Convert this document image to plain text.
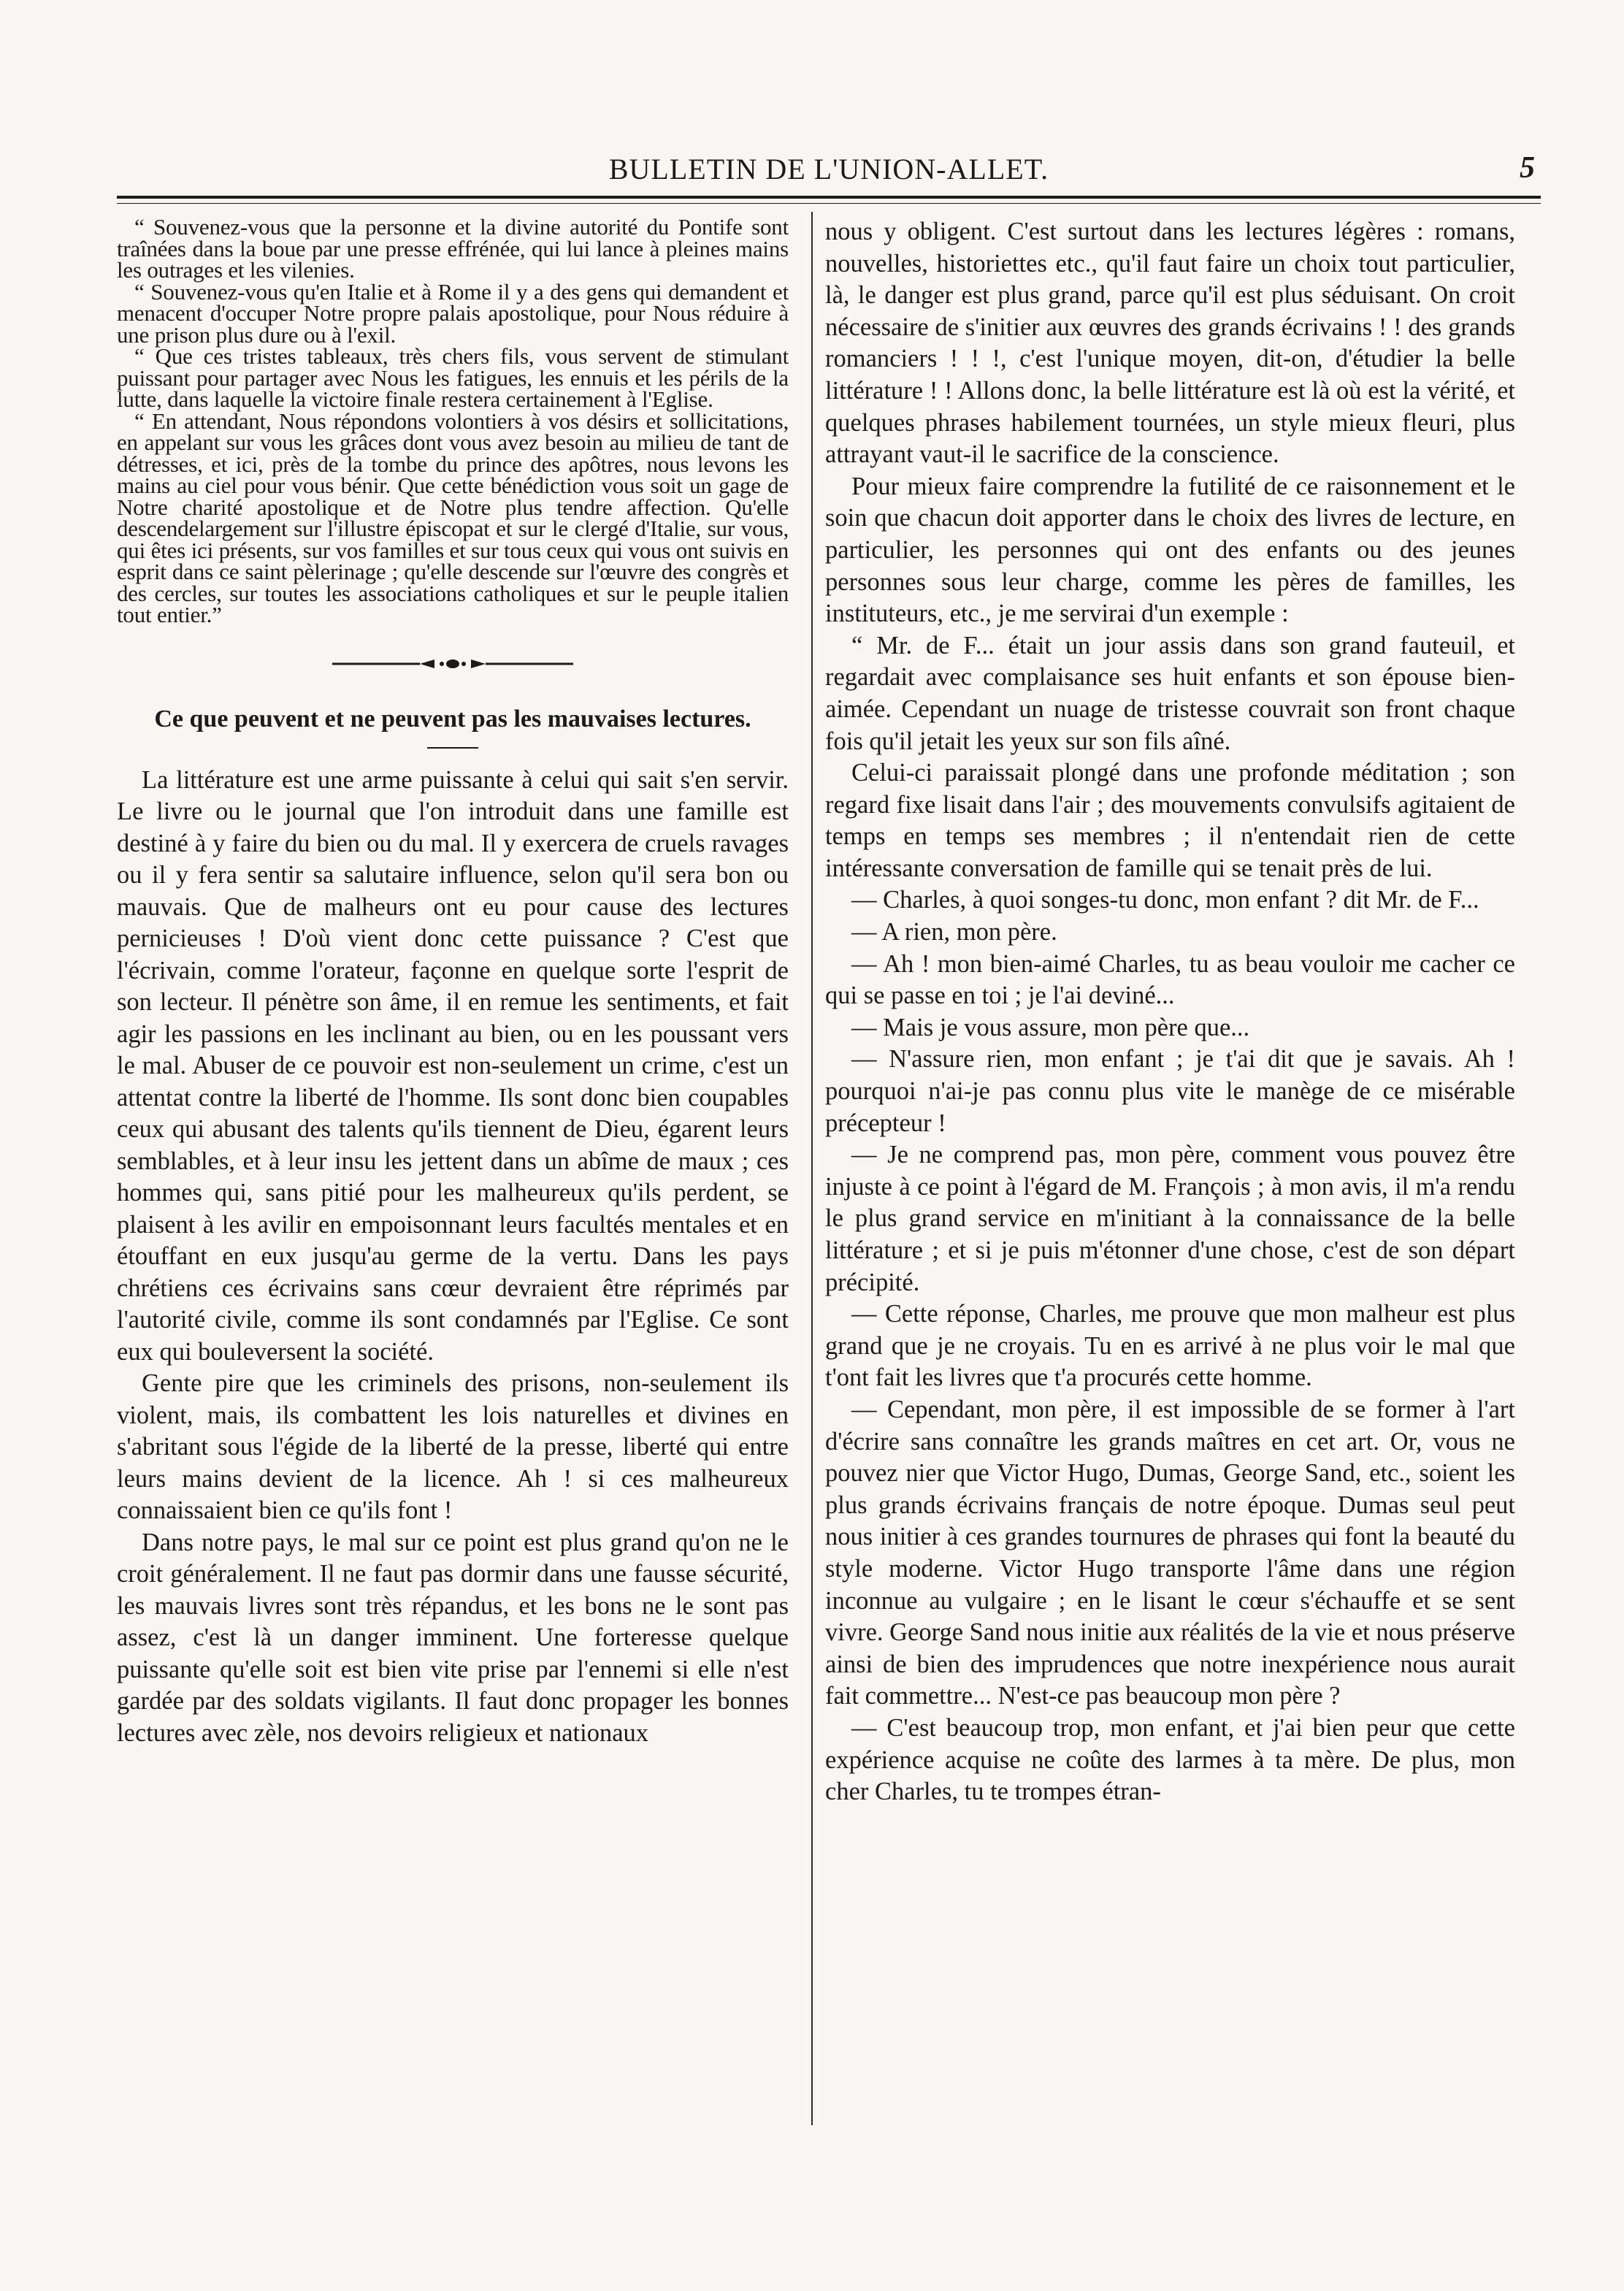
BULLETIN DE L'UNION-ALLET.	5

“ Souvenez-vous que la personne et la divine autorité du Pontife sont traînées dans la boue par une presse effrénée, qui lui lance à pleines mains les outrages et les vilenies.

“ Souvenez-vous qu'en Italie et à Rome il y a des gens qui demandent et menacent d'occuper Notre propre palais apostolique, pour Nous réduire à une prison plus dure ou à l'exil.

“ Que ces tristes tableaux, très chers fils, vous servent de stimulant puissant pour partager avec Nous les fatigues, les ennuis et les périls de la lutte, dans laquelle la victoire finale restera certainement à l'Eglise.

“ En attendant, Nous répondons volontiers à vos désirs et sollicitations, en appelant sur vous les grâces dont vous avez besoin au milieu de tant de détresses, et ici, près de la tombe du prince des apôtres, nous levons les mains au ciel pour vous bénir. Que cette bénédiction vous soit un gage de Notre charité apostolique et de Notre plus tendre affection. Qu'elle descendelargement sur l'illustre épiscopat et sur le clergé d'Italie, sur vous, qui êtes ici présents, sur vos familles et sur tous ceux qui vous ont suivis en esprit dans ce saint pèlerinage ; qu'elle descende sur l'œuvre des congrès et des cercles, sur toutes les associations catholiques et sur le peuple italien tout entier.”

Ce que peuvent et ne peuvent pas les mauvaises lectures.

La littérature est une arme puissante à celui qui sait s'en servir. Le livre ou le journal que l'on introduit dans une famille est destiné à y faire du bien ou du mal. Il y exercera de cruels ravages ou il y fera sentir sa salutaire influence, selon qu'il sera bon ou mauvais. Que de malheurs ont eu pour cause des lectures pernicieuses ! D'où vient donc cette puissance ? C'est que l'écrivain, comme l'orateur, façonne en quelque sorte l'esprit de son lecteur. Il pénètre son âme, il en remue les sentiments, et fait agir les passions en les inclinant au bien, ou en les poussant vers le mal. Abuser de ce pouvoir est non-seulement un crime, c'est un attentat contre la liberté de l'homme. Ils sont donc bien coupables ceux qui abusant des talents qu'ils tiennent de Dieu, égarent leurs semblables, et à leur insu les jettent dans un abîme de maux ; ces hommes qui, sans pitié pour les malheureux qu'ils perdent, se plaisent à les avilir en empoisonnant leurs facultés mentales et en étouffant en eux jusqu'au germe de la vertu. Dans les pays chrétiens ces écrivains sans cœur devraient être réprimés par l'autorité civile, comme ils sont condamnés par l'Eglise. Ce sont eux qui bouleversent la société.

Gente pire que les criminels des prisons, non-seulement ils violent, mais, ils combattent les lois naturelles et divines en s'abritant sous l'égide de la liberté de la presse, liberté qui entre leurs mains devient de la licence. Ah ! si ces malheureux connaissaient bien ce qu'ils font !

Dans notre pays, le mal sur ce point est plus grand qu'on ne le croit généralement. Il ne faut pas dormir dans une fausse sécurité, les mauvais livres sont très répandus, et les bons ne le sont pas assez, c'est là un danger imminent. Une forteresse quelque puissante qu'elle soit est bien vite prise par l'ennemi si elle n'est gardée par des soldats vigilants. Il faut donc propager les bonnes lectures avec zèle, nos devoirs religieux et nationaux

nous y obligent. C'est surtout dans les lectures légères : romans, nouvelles, historiettes etc., qu'il faut faire un choix tout particulier, là, le danger est plus grand, parce qu'il est plus séduisant. On croit nécessaire de s'initier aux œuvres des grands écrivains ! ! des grands romanciers ! ! !, c'est l'unique moyen, dit-on, d'étudier la belle littérature ! ! Allons donc, la belle littérature est là où est la vérité, et quelques phrases habilement tournées, un style mieux fleuri, plus attrayant vaut-il le sacrifice de la conscience.

Pour mieux faire comprendre la futilité de ce raisonnement et le soin que chacun doit apporter dans le choix des livres de lecture, en particulier, les personnes qui ont des enfants ou des jeunes personnes sous leur charge, comme les pères de familles, les instituteurs, etc., je me servirai d'un exemple :

“ Mr. de F... était un jour assis dans son grand fauteuil, et regardait avec complaisance ses huit enfants et son épouse bien-aimée. Cependant un nuage de tristesse couvrait son front chaque fois qu'il jetait les yeux sur son fils aîné.

Celui-ci paraissait plongé dans une profonde méditation ; son regard fixe lisait dans l'air ; des mouvements convulsifs agitaient de temps en temps ses membres ; il n'entendait rien de cette intéressante conversation de famille qui se tenait près de lui.

— Charles, à quoi songes-tu donc, mon enfant ? dit Mr. de F...

— A rien, mon père.

— Ah ! mon bien-aimé Charles, tu as beau vouloir me cacher ce qui se passe en toi ; je l'ai deviné...

— Mais je vous assure, mon père que...

— N'assure rien, mon enfant ; je t'ai dit que je savais. Ah ! pourquoi n'ai-je pas connu plus vite le manège de ce misérable précepteur !

— Je ne comprend pas, mon père, comment vous pouvez être injuste à ce point à l'égard de M. François ; à mon avis, il m'a rendu le plus grand service en m'initiant à la connaissance de la belle littérature ; et si je puis m'étonner d'une chose, c'est de son départ précipité.

— Cette réponse, Charles, me prouve que mon malheur est plus grand que je ne croyais. Tu en es arrivé à ne plus voir le mal que t'ont fait les livres que t'a procurés cette homme.

— Cependant, mon père, il est impossible de se former à l'art d'écrire sans connaître les grands maîtres en cet art. Or, vous ne pouvez nier que Victor Hugo, Dumas, George Sand, etc., soient les plus grands écrivains français de notre époque. Dumas seul peut nous initier à ces grandes tournures de phrases qui font la beauté du style moderne. Victor Hugo transporte l'âme dans une région inconnue au vulgaire ; en le lisant le cœur s'échauffe et se sent vivre. George Sand nous initie aux réalités de la vie et nous préserve ainsi de bien des imprudences que notre inexpérience nous aurait fait commettre... N'est-ce pas beaucoup mon père ?

— C'est beaucoup trop, mon enfant, et j'ai bien peur que cette expérience acquise ne coûte des larmes à ta mère. De plus, mon cher Charles, tu te trompes étran-
